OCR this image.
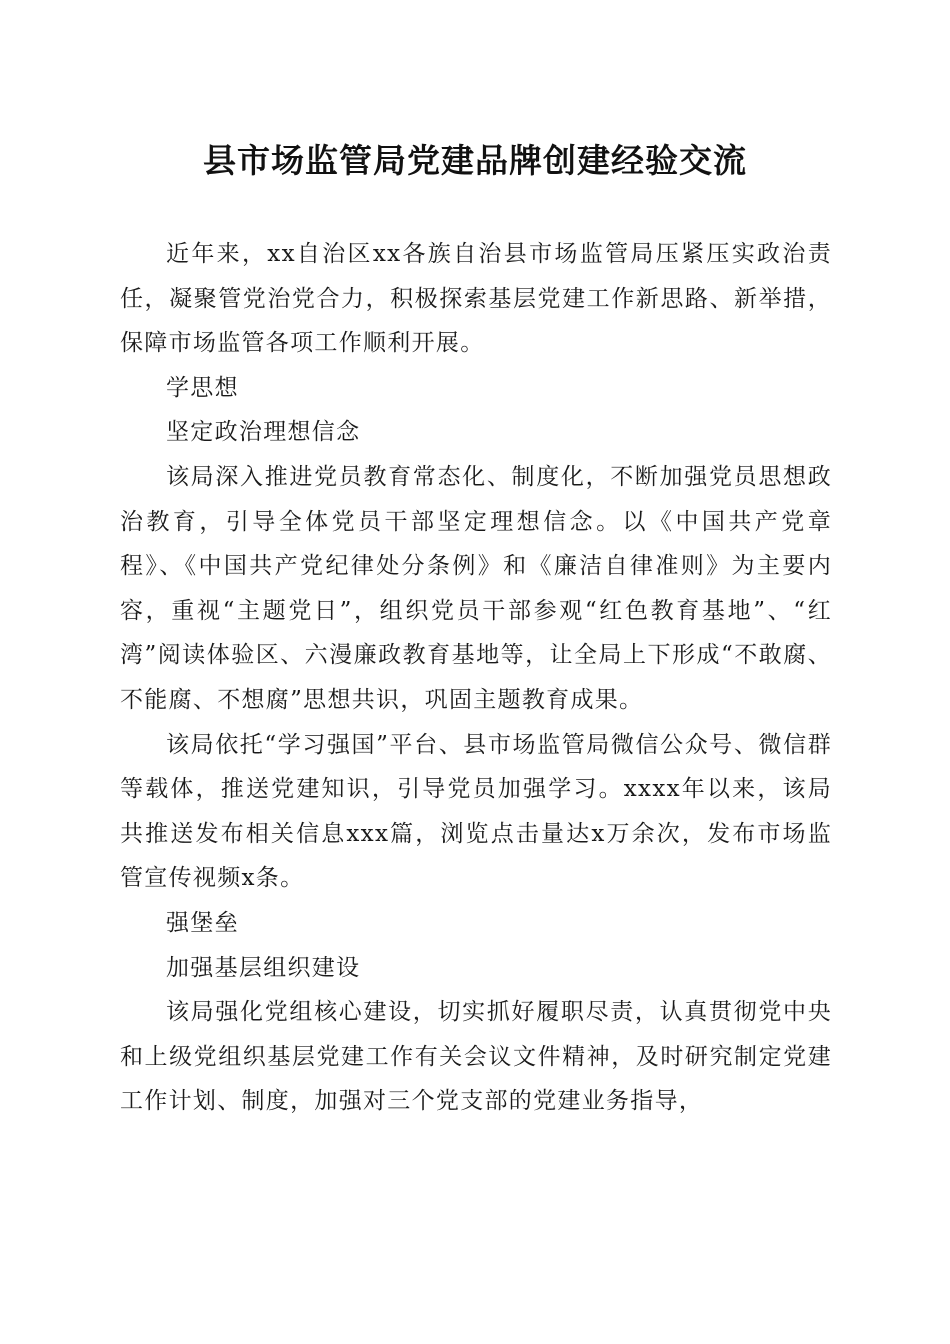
县市场监管局党建品牌创建经验交流

近年来，xx自治区xx各族自治县市场监管局压紧压实政治责任，凝聚管党治党合力，积极探索基层党建工作新思路、新举措，保障市场监管各项工作顺利开展。

学思想

坚定政治理想信念

该局深入推进党员教育常态化、制度化，不断加强党员思想政治教育，引导全体党员干部坚定理想信念。以《中国共产党章程》、《中国共产党纪律处分条例》和《廉洁自律准则》为主要内容，重视“主题党日”，组织党员干部参观“红色教育基地”、“红湾”阅读体验区、六漫廉政教育基地等，让全局上下形成“不敢腐、不能腐、不想腐”思想共识，巩固主题教育成果。

该局依托“学习强国”平台、县市场监管局微信公众号、微信群等载体，推送党建知识，引导党员加强学习。xxxx年以来，该局共推送发布相关信息xxx篇，浏览点击量达x万余次，发布市场监管宣传视频x条。

强堡垒

加强基层组织建设

该局强化党组核心建设，切实抓好履职尽责，认真贯彻党中央和上级党组织基层党建工作有关会议文件精神，及时研究制定党建工作计划、制度，加强对三个党支部的党建业务指导，
